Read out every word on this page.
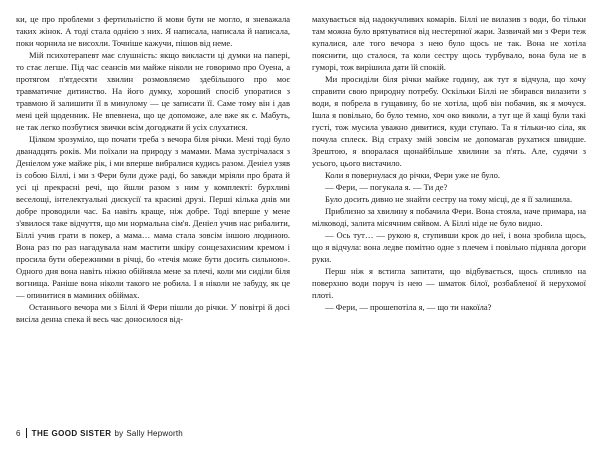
ки, це про проблеми з фертильністю й мови бути не могло, я зневажала таких жінок. А тоді стала однією з них. Я написала, написала й написала, поки чорнила не висохли. Точніше кажучи, пішов від неме.

Мій психотерапевт має слушність: якщо викласти ці думки на папері, то стає легше. Під час сеансів ми майже ніколи не говоримо про Оуена, а протягом п'ятдесяти хвилин розмовляємо здебільшого про моє травматичне дитинство. На його думку, хороший спосіб упоратися з травмою й залишити її в минулому — це записати її. Саме тому він і дав мені цей щоденник. Не впевнена, що це допоможе, але вже як є. Мабуть, не так легко позбутися звички всім догоджати й усіх слухатися.

Цілком зрозуміло, що почати треба з вечора біля річки. Мені тоді було дванадцять років. Ми поїхали на природу з мамами. Мама зустрічалася з Деніелом уже майже рік, і ми вперше вибралися кудись разом. Деніел узяв із собою Біллі, і ми з Фери були дуже раді, бо завжди мріяли про брата й усі ці прекрасні речі, що йшли разом з ним у комплекті: бурхливі веселощі, інтелектуальні дискусії та красиві друзі. Перші кілька днів ми добре проводили час. Ба навіть краще, ніж добре. Тоді вперше у мене з'явилося таке відчуття, що ми нормальна сім'я. Деніел учив нас рибалити, Біллі учив грати в покер, а мама… мама стала зовсім іншою людиною. Вона раз по раз нагадувала нам мастити шкіру сонцезахисним кремом і просила бути обережними в річці, бо «течія може бути досить сильною». Одного дня вона навіть ніжно обійняла мене за плечі, коли ми сиділи біля вогнища. Раніше вона ніколи такого не робила. І я ніколи не забуду, як це — опинитися в маминих обіймах.

Останнього вечора ми з Біллі й Фери пішли до річки. У повітрі й досі висіла денна спека й весь час доносилося від-

махувається від надокучливих комарів. Біллі не вилазив з води, бо тільки там можна було врятуватися від нестерпної жари. Зазвичай ми з Фери теж купалися, але того вечора з нею було щось не так. Вона не хотіла пояснити, що сталося, та коли сестру щось турбувало, вона була не в гуморі, тож вирішила дати їй спокій.

Ми просиділи біля річки майже годину, аж тут я відчула, що хочу справити свою природну потребу. Оскільки Біллі не збирався вилазити з води, я побрела в гущавину, бо не хотіла, щоб він побачив, як я мочуся. Ішла я повільно, бо було темно, хоч око виколи, а тут ще й хащі були такі густі, тож мусила уважно дивитися, куди ступаю. Та я тільки-но сіла, як почула сплеск. Від страху змій зовсім не допомагав рухатися швидше. Зрештою, я впоралася щонайбільше хвилини за п'ять. Але, судячи з усього, цього вистачило.

Коли я повернулася до річки, Фери уже не було.

— Фери, — погукала я. — Ти де?

Було досить дивно не знайти сестру на тому місці, де я її залишила.

Приблизно за хвилину я побачила Фери. Вона стояла, наче примара, на мілководі, залита місячним сяйвом. А Біллі ніде не було видно.

— Ось тут… — рукою я, ступивши крок до неї, і вона зробила щось, що я відчула: вона ледве помітно одне з плечем і повільно підняла догори руки.

Перш ніж я встигла запитати, що відбувається, щось спливло на поверхню води поруч із нею — шматок білої, розбабленої й нерухомої плоті.

— Фери, — прошепотіла я, — що ти накоїла?

6 THE GOOD SISTER by Sally Hepworth
